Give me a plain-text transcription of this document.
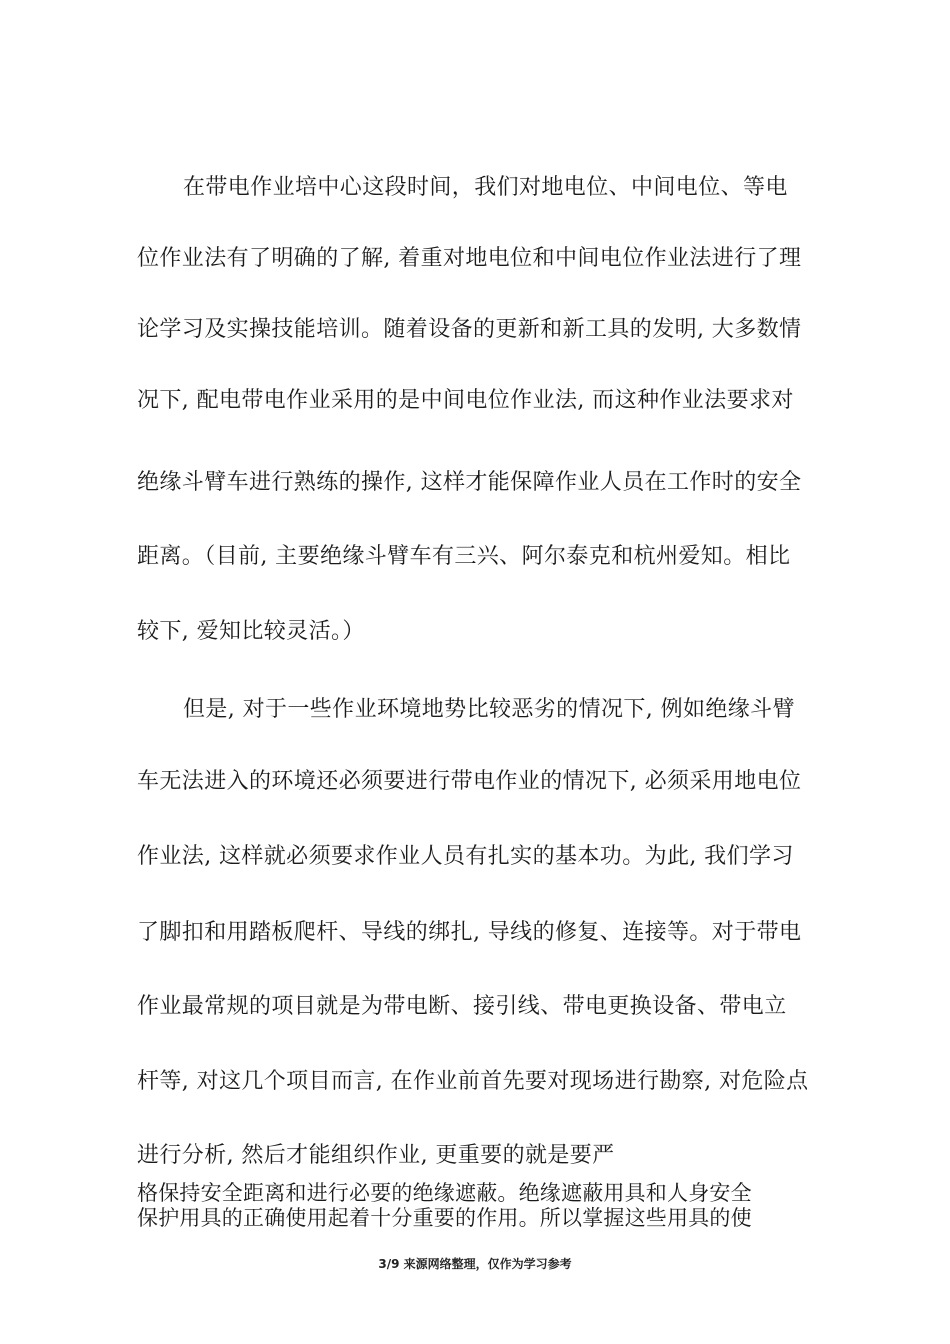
在带电作业培中心这段时间，我们对地电位、中间电位、等电
位作业法有了明确的了解, 着重对地电位和中间电位作业法进行了理
论学习及实操技能培训。随着设备的更新和新工具的发明, 大多数情
况下, 配电带电作业采用的是中间电位作业法, 而这种作业法要求对
绝缘斗臂车进行熟练的操作, 这样才能保障作业人员在工作时的安全
距离。（目前, 主要绝缘斗臂车有三兴、阿尔泰克和杭州爱知。相比
较下, 爱知比较灵活。）
但是, 对于一些作业环境地势比较恶劣的情况下, 例如绝缘斗臂
车无法进入的环境还必须要进行带电作业的情况下, 必须采用地电位
作业法, 这样就必须要求作业人员有扎实的基本功。为此, 我们学习
了脚扣和用踏板爬杆、导线的绑扎, 导线的修复、连接等。对于带电
作业最常规的项目就是为带电断、接引线、带电更换设备、带电立
杆等, 对这几个项目而言, 在作业前首先要对现场进行勘察, 对危险点
进行分析, 然后才能组织作业, 更重要的就是要严
格保持安全距离和进行必要的绝缘遮蔽。绝缘遮蔽用具和人身安全
保护用具的正确使用起着十分重要的作用。所以掌握这些用具的使
3/9 来源网络整理，仅作为学习参考
